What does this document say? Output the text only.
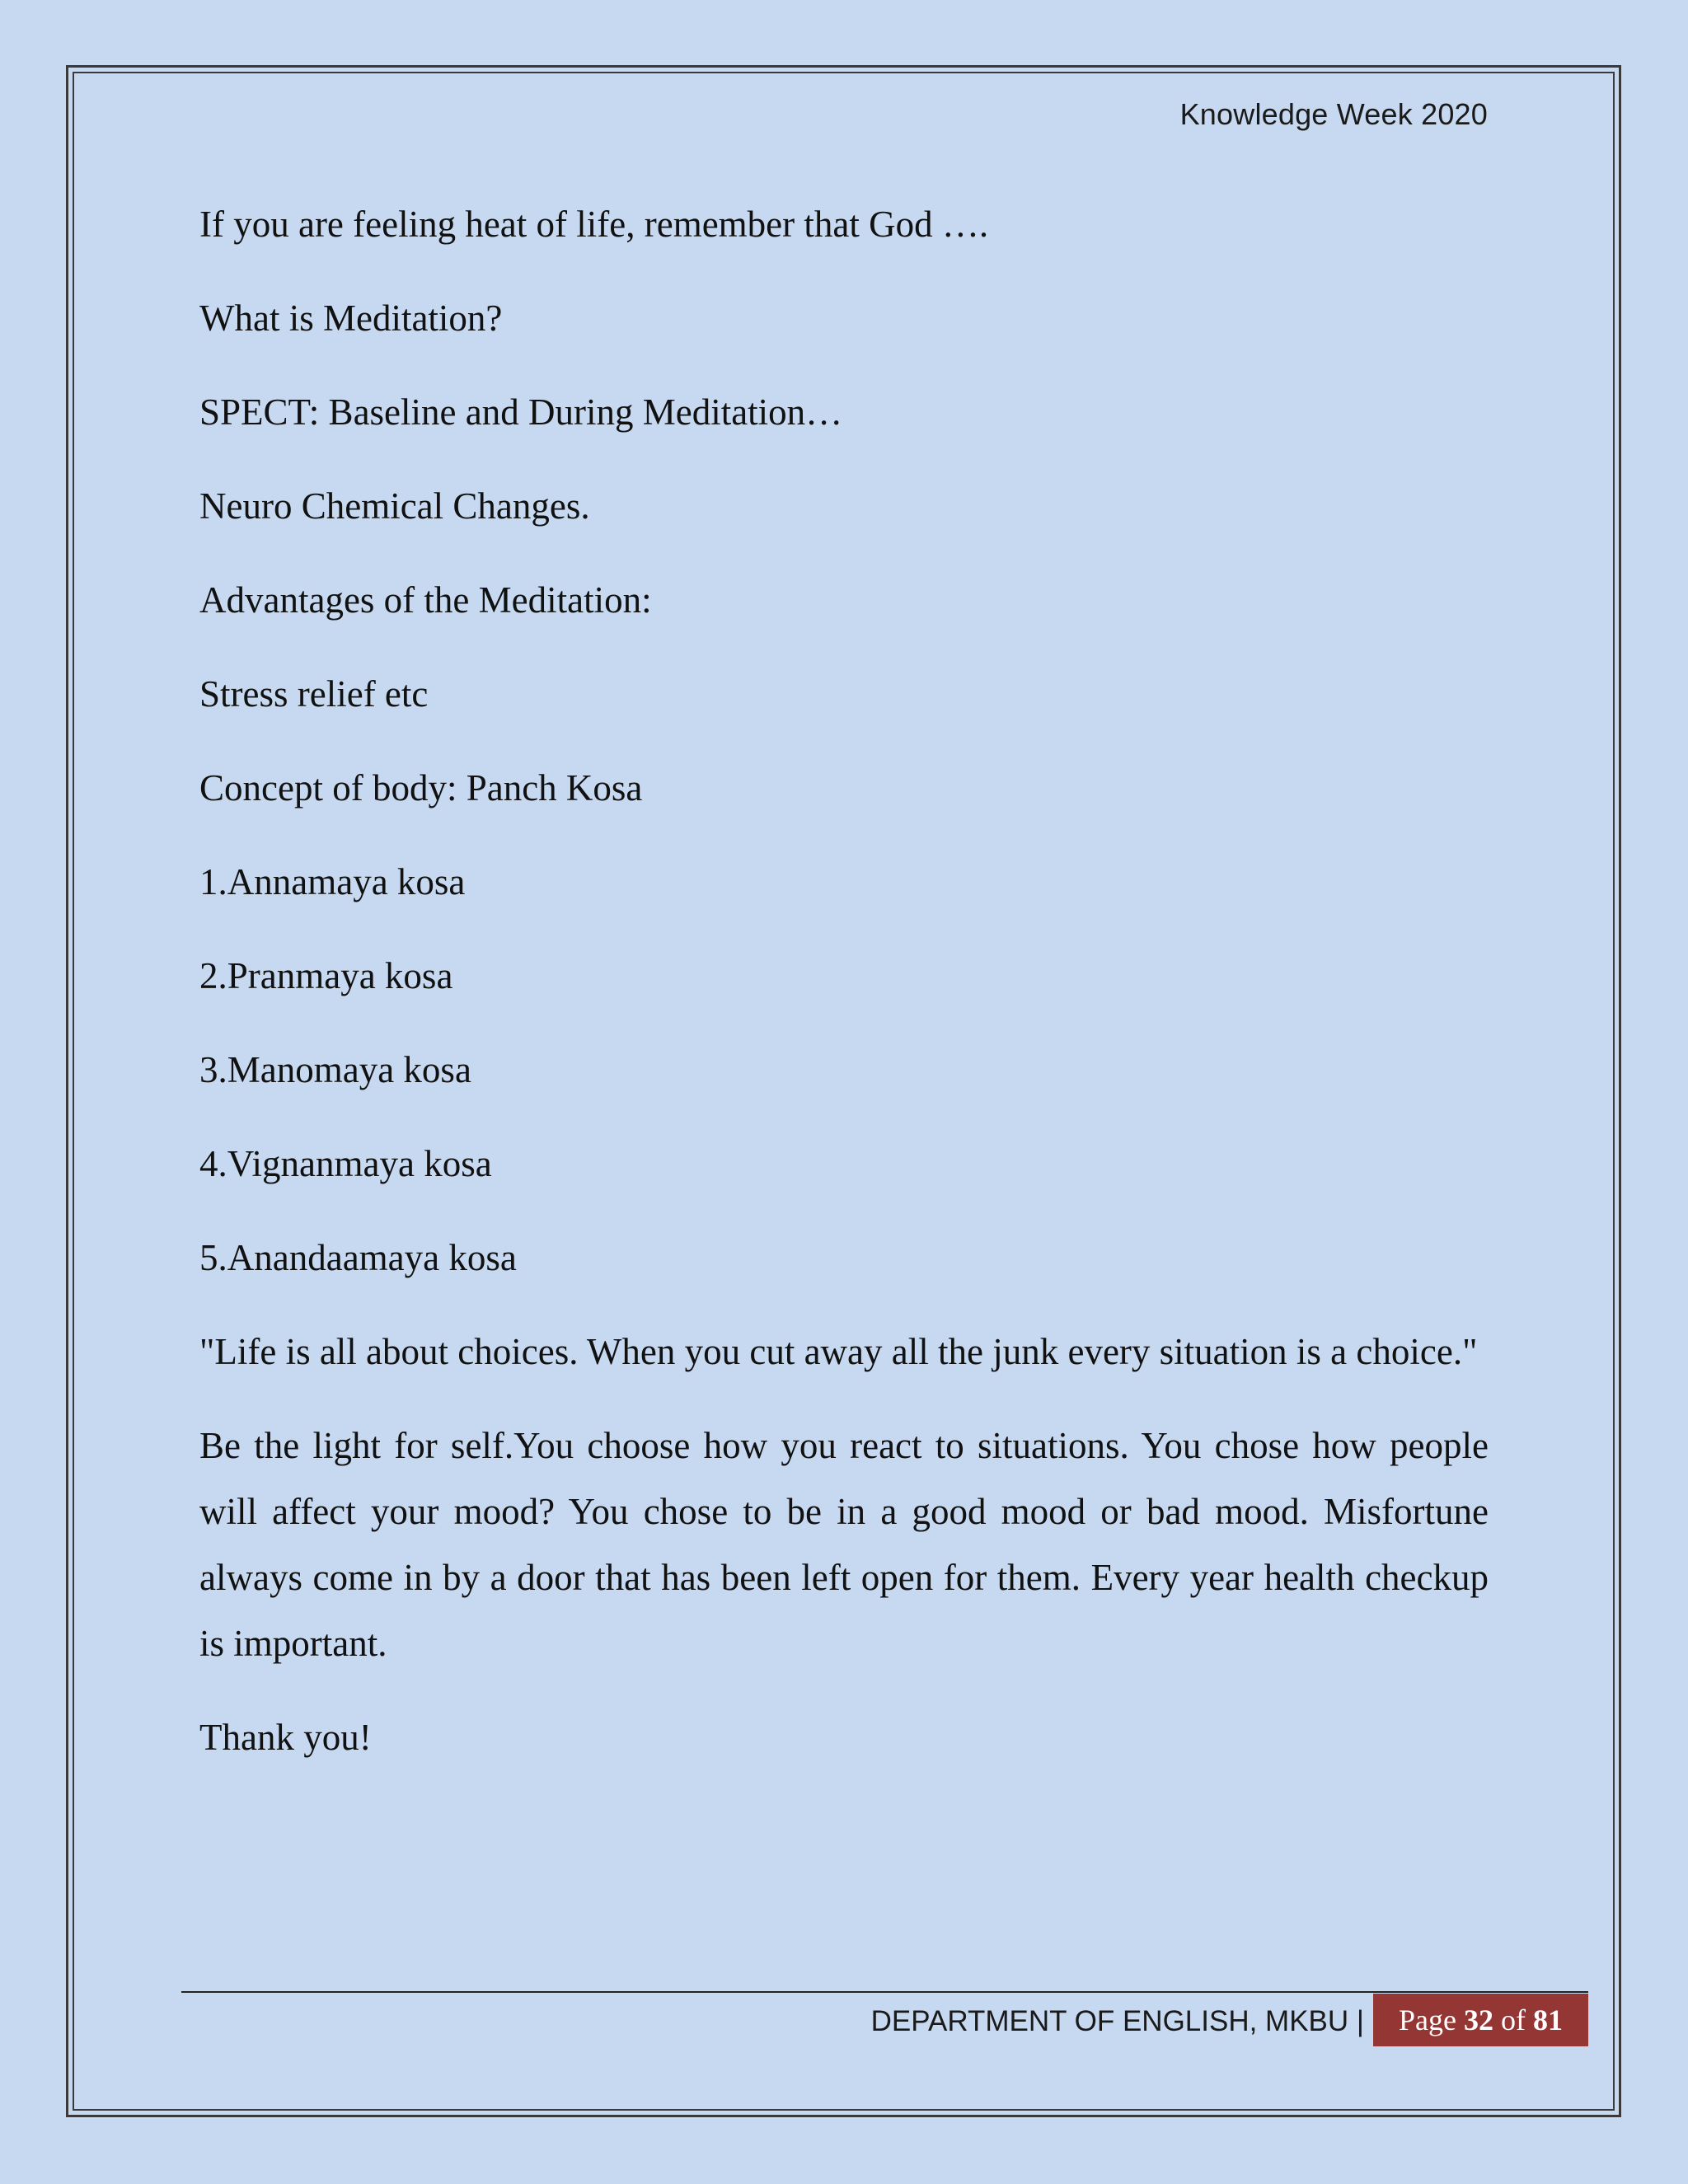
Knowledge Week 2020

If you are feeling heat of life, remember that God ….

What is Meditation?

SPECT: Baseline and During Meditation…

Neuro Chemical Changes.

Advantages of the Meditation:

Stress relief etc

Concept of body: Panch Kosa

1.Annamaya kosa

2.Pranmaya kosa

3.Manomaya kosa

4.Vignanmaya kosa

5.Anandaamaya kosa

"Life is all about choices. When you cut away all the junk every situation is a choice."

Be the light for self.You choose how you react to situations. You chose how people will affect your mood? You chose to be in a good mood or bad mood. Misfortune always come in by a door that has been left open for them. Every year health checkup is important.

Thank you!

DEPARTMENT OF ENGLISH, MKBU |	Page 32 of 81
